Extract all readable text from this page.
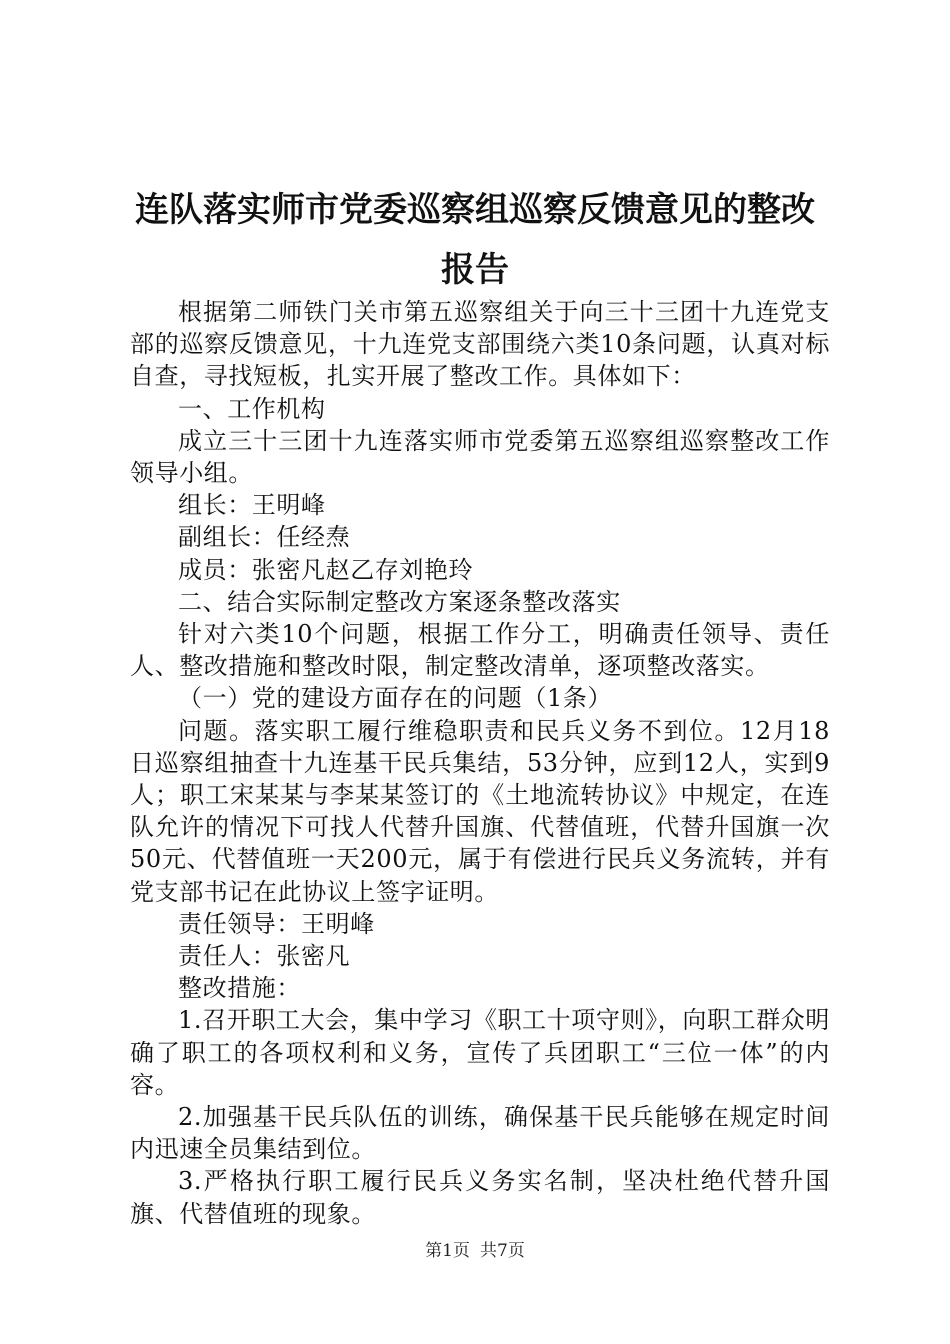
连队落实师市党委巡察组巡察反馈意见的整改
报告

根据第二师铁门关市第五巡察组关于向三十三团十九连党支部的巡察反馈意见，十九连党支部围绕六类10条问题，认真对标自查，寻找短板，扎实开展了整改工作。具体如下：

一、工作机构

成立三十三团十九连落实师市党委第五巡察组巡察整改工作领导小组。

组长：王明峰

副组长：任经焘

成员：张密凡赵乙存刘艳玲

二、结合实际制定整改方案逐条整改落实

针对六类10个问题，根据工作分工，明确责任领导、责任人、整改措施和整改时限，制定整改清单，逐项整改落实。

（一）党的建设方面存在的问题（1条）

问题。落实职工履行维稳职责和民兵义务不到位。12月18日巡察组抽查十九连基干民兵集结，53分钟，应到12人，实到9人；职工宋某某与李某某签订的《土地流转协议》中规定，在连队允许的情况下可找人代替升国旗、代替值班，代替升国旗一次50元、代替值班一天200元，属于有偿进行民兵义务流转，并有党支部书记在此协议上签字证明。

责任领导：王明峰

责任人：张密凡

整改措施：

1.召开职工大会，集中学习《职工十项守则》，向职工群众明确了职工的各项权利和义务，宣传了兵团职工“三位一体”的内容。

2.加强基干民兵队伍的训练，确保基干民兵能够在规定时间内迅速全员集结到位。

3.严格执行职工履行民兵义务实名制，坚决杜绝代替升国旗、代替值班的现象。

第1页 共7页
